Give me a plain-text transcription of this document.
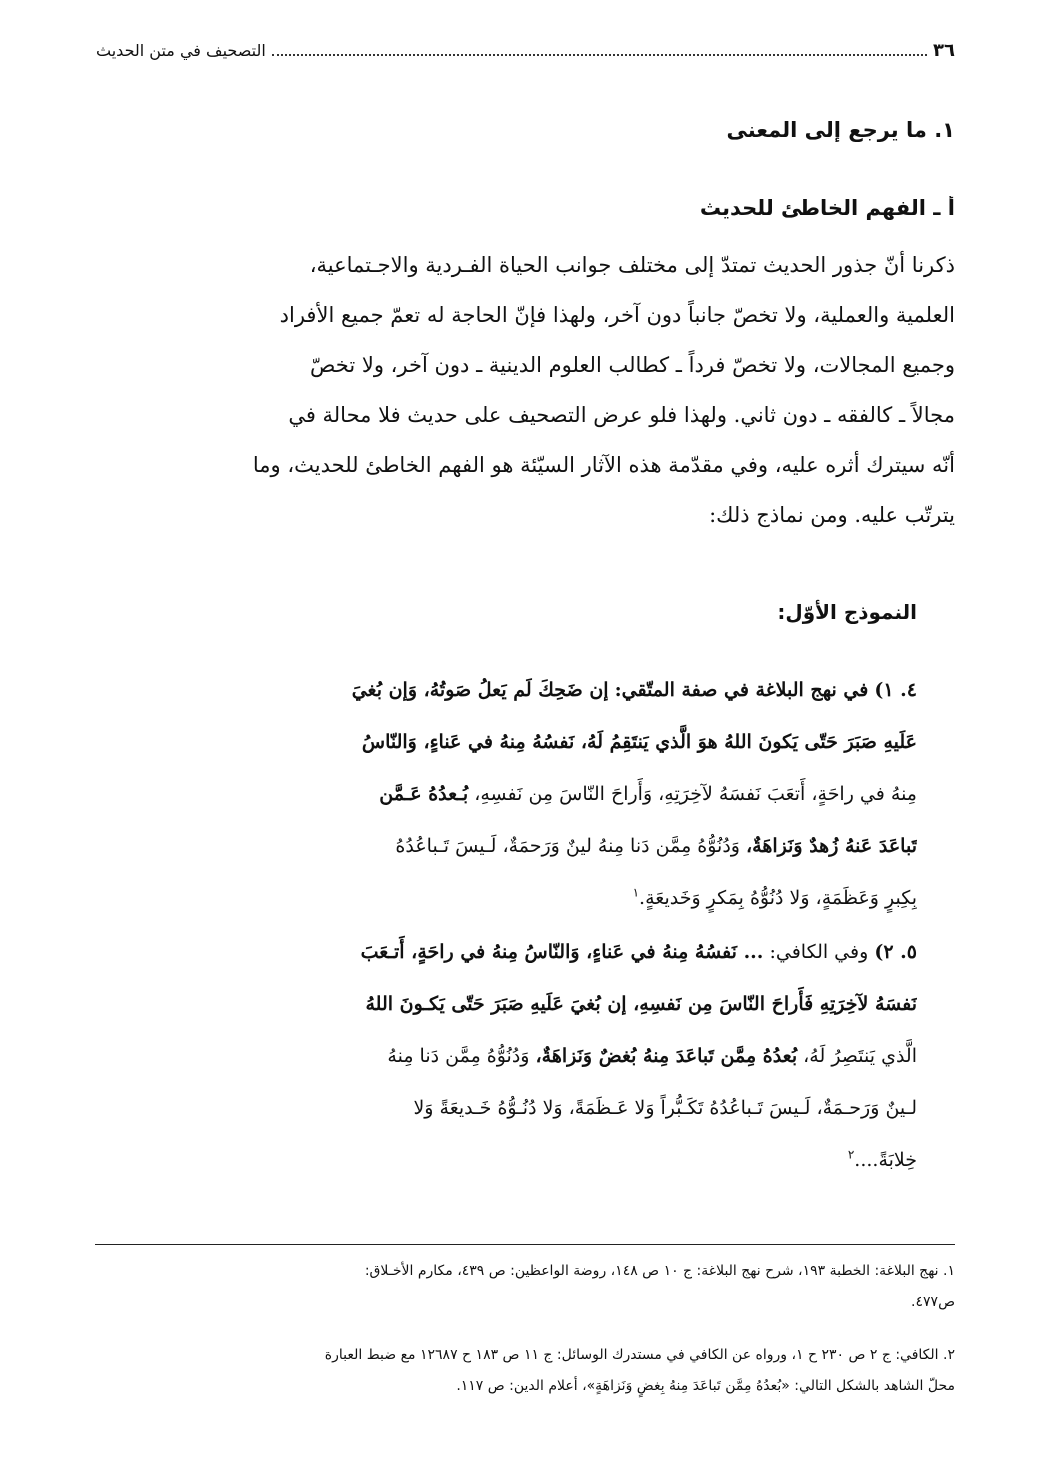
٣٦
التصحيف في متن الحديث
١. ما يرجع إلى المعنى
أ ـ الفهم الخاطئ للحديث
ذكرنا أنّ جذور الحديث تمتدّ إلى مختلف جوانب الحياة الفـردية والاجـتماعية،
العلمية والعملية، ولا تخصّ جانباً دون آخر، ولهذا فإنّ الحاجة له تعمّ جميع الأفراد
وجميع المجالات، ولا تخصّ فرداً ـ كطالب العلوم الدينية ـ دون آخر، ولا تخصّ
مجالاً ـ كالفقه ـ دون ثاني. ولهذا فلو عرض التصحيف على حديث فلا محالة في
أنّه سيترك أثره عليه، وفي مقدّمة هذه الآثار السيّئة هو الفهم الخاطئ للحديث، وما
يترتّب عليه. ومن نماذج ذلك:
النموذج الأوّل:
٤. ١) في نهج البلاغة في صفة المتّقي: إن ضَحِكَ لَم يَعلُ صَوتُهُ، وَإن بُغيَ
عَلَيهِ صَبَرَ حَتّى يَكونَ اللهُ هوَ الَّذي يَنتَقِمُ لَهُ، نَفسُهُ مِنهُ في عَناءٍ، وَالنّاسُ
مِنهُ في راحَةٍ، أَتعَبَ نَفسَهُ لآخِرَتِهِ، وَأَراحَ النّاسَ مِن نَفسِهِ، بُـعدُهُ عَـمَّن
تَباعَدَ عَنهُ زُهدٌ وَنَزاهَةٌ، وَدُنُوُّهُ مِمَّن دَنا مِنهُ لينٌ وَرَحمَةٌ، لَـيسَ تَـباعُدُهُ
بِكِبرٍ وَعَظَمَةٍ، وَلا دُنُوُّهُ بِمَكرٍ وَخَديعَةٍ.$^١$
٥. ٢) وفي الكافي: ... نَفسُهُ مِنهُ في عَناءٍ، وَالنّاسُ مِنهُ في راحَةٍ، أَتـعَبَ
نَفسَهُ لآخِرَتِهِ فَأَراحَ النّاسَ مِن نَفسِهِ، إن بُغيَ عَلَيهِ صَبَرَ حَتّى يَكـونَ اللهُ
الَّذي يَنتَصِرُ لَهُ، بُعدُهُ مِمَّن تَباعَدَ مِنهُ بُغضٌ وَنَزاهَةٌ، وَدُنُوُّهُ مِمَّن دَنا مِنهُ
لـينٌ وَرَحـمَةٌ، لَـيسَ تَـباعُدُهُ تَكَـبُّراً وَلا عَـظَمَةً، وَلا دُنُـوُّهُ خَـديعَةً وَلا
خِلابَةً....$^٢$
١. نهج البلاغة: الخطبة ١٩٣، شرح نهج البلاغة: ج ١٠ ص ١٤٨، روضة الواعظين: ص ٤٣٩، مكارم الأخـلاق:
ص٤٧٧.
٢. الكافي: ج ٢ ص ٢٣٠ ح ١، ورواه عن الكافي في مستدرك الوسائل: ج ١١ ص ١٨٣ ح ١٢٦٨٧ مع ضبط العبارة
محلّ الشاهد بالشكل التالي: «بُعدُهُ مِمَّن تَباعَدَ مِنهُ بِغضٍ وَنَزاهَةٍ»، أعلام الدين: ص ١١٧.
